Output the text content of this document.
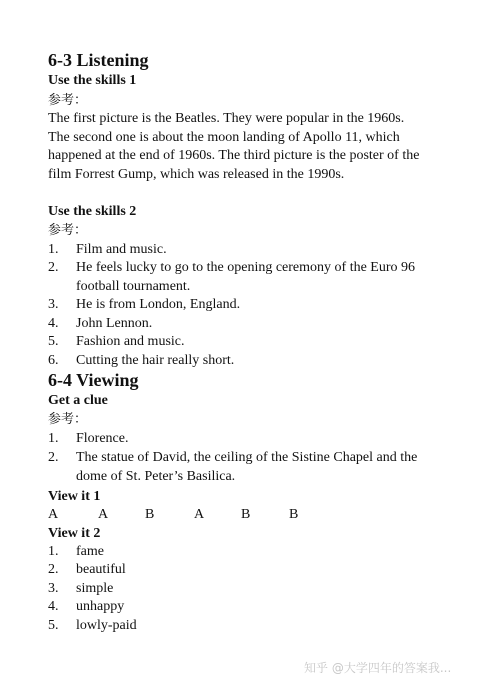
6-3 Listening
Use the skills 1
参考：
The first picture is the Beatles. They were popular in the 1960s. The second one is about the moon landing of Apollo 11, which happened at the end of 1960s. The third picture is the poster of the film Forrest Gump, which was released in the 1990s.
Use the skills 2
参考：
1. Film and music.
2. He feels lucky to go to the opening ceremony of the Euro 96 football tournament.
3. He is from London, England.
4. John Lennon.
5. Fashion and music.
6. Cutting the hair really short.
6-4 Viewing
Get a clue
参考：
1. Florence.
2. The statue of David, the ceiling of the Sistine Chapel and the dome of St. Peter’s Basilica.
View it 1
A	A	B	A	B	B
View it 2
1. fame
2. beautiful
3. simple
4. unhappy
5. lowly-paid
知乎 @大学四年的答案我...
